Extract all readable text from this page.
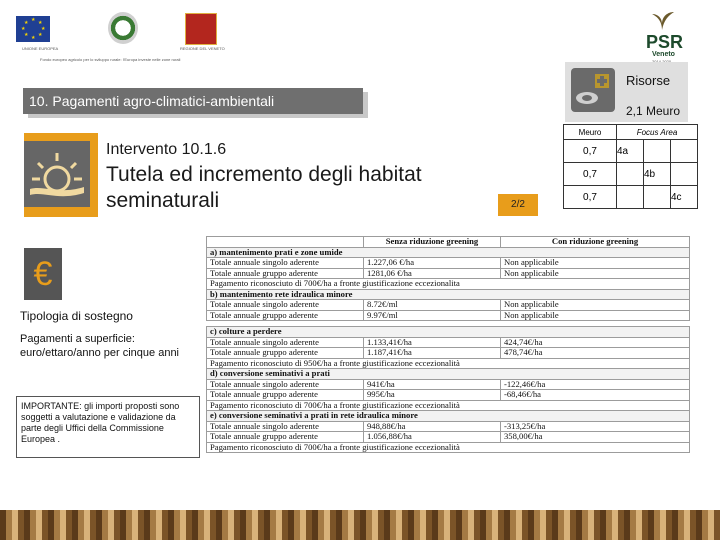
★ ★
★
★
★
★
★
★
UNIONE EUROPEA	REGIONE DEL VENETO
Fondo europeo agricolo per lo sviluppo rurale: l'Europa investe nelle zone rurali
PSR
Veneto
10. Pagamenti agro-climatici-ambientali
Intervento 10.1.6
Tutela ed incremento degli habitat seminaturali	2/2
Risorse
2,1 Meuro
Meuro	Focus Area		
0,7	4a		
0,7		4b	
0,7			4c
€
Tipologia di sostegno
Pagamenti a superficie: euro/ettaro/anno per cinque anni
IMPORTANTE: gli importi proposti sono soggetti a valutazione e validazione da parte degli Uffici della Commissione Europea .
	Senza riduzione greening	Con riduzione greening
a) mantenimento prati e zone umide		
Totale annuale singolo aderente	1.227,06 €/ha	Non applicabile
Totale annuale gruppo aderente	1281,06 €/ha	Non applicabile
Pagamento riconosciuto di 700€/ha a fronte giustificazione eccezionalita		
b) mantenimento rete idraulica minore		
Totale annuale singolo aderente	8.72€/ml	Non applicabile
Totale annuale gruppo aderente	9.97€/ml	Non applicabile

c) colture a perdere		
Totale annuale singolo aderente	1.133,41€/ha	424,74€/ha
Totale annuale gruppo aderente	1.187,41€/ha	478,74€/ha
Pagamento riconosciuto di 950€/ha a fronte giustificazione eccezionalità		
d) conversione seminativi a prati		
Totale annuale singolo aderente	941€/ha	-122,46€/ha
Totale annuale gruppo aderente	995€/ha	-68,46€/ha
Pagamento riconosciuto di 700€/ha a fronte giustificazione eccezionalità		
e) conversione seminativi a prati in rete idraulica minore		
Totale annuale singolo aderente	948,88€/ha	-313,25€/ha
Totale annuale gruppo aderente	1.056,88€/ha	358,00€/ha
Pagamento riconosciuto di 700€/ha a fronte giustificazione eccezionalità		
